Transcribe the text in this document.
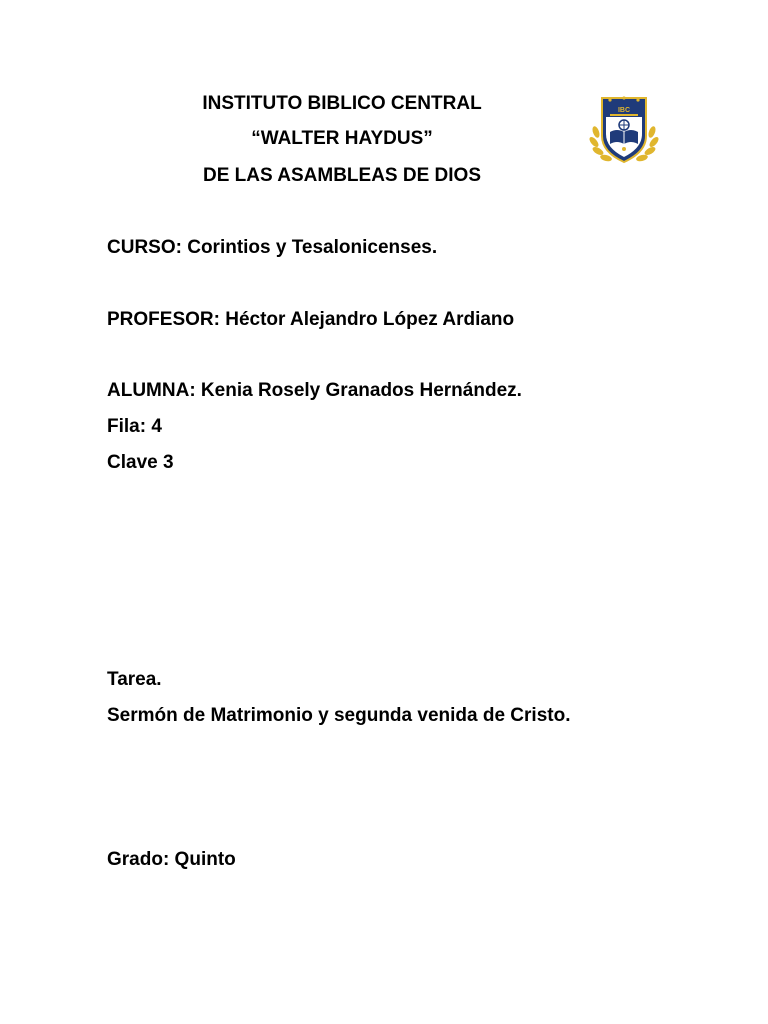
INSTITUTO BIBLICO CENTRAL
“WALTER HAYDUS”
DE LAS ASAMBLEAS DE DIOS
IBC
CURSO: Corintios y Tesalonicenses.
PROFESOR: Héctor Alejandro López Ardiano
ALUMNA: Kenia Rosely Granados Hernández.
Fila: 4
Clave 3
Tarea.
Sermón de Matrimonio y segunda venida de Cristo.
Grado: Quinto
